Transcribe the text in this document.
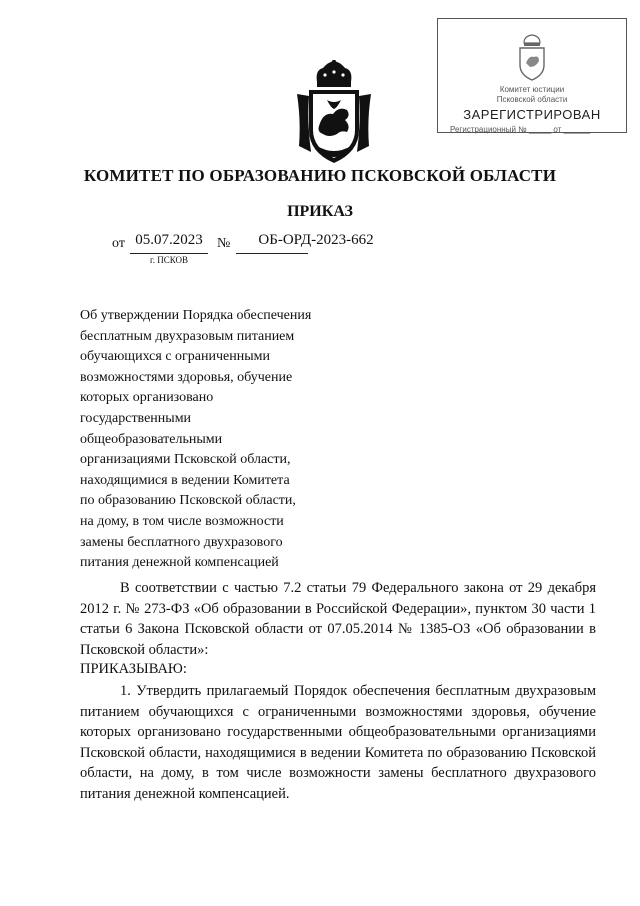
Комитет юстиции
Псковской области
ЗАРЕГИСТРИРОВАН
Регистрационный № _____ от ______
КОМИТЕТ ПО ОБРАЗОВАНИЮ ПСКОВСКОЙ ОБЛАСТИ
ПРИКАЗ
от 05.07.2023	№	ОБ-ОРД-2023-662
г. ПСКОВ
Об утверждении Порядка обеспечения
бесплатным двухразовым питанием
обучающихся с ограниченными
возможностями здоровья, обучение
которых организовано
государственными
общеобразовательными
организациями Псковской области,
находящимися в ведении Комитета
по образованию Псковской области,
на дому, в том числе возможности
замены бесплатного двухразового
питания денежной компенсацией
В соответствии с частью 7.2 статьи 79 Федерального закона от 29 декабря 2012 г. № 273-ФЗ «Об образовании в Российской Федерации», пунктом 30 части 1 статьи 6 Закона Псковской области от 07.05.2014 № 1385-ОЗ «Об образовании в Псковской области»:
ПРИКАЗЫВАЮ:
1. Утвердить прилагаемый Порядок обеспечения бесплатным двухразовым питанием обучающихся с ограниченными возможностями здоровья, обучение которых организовано государственными общеобразовательными организациями Псковской области, находящимися в ведении Комитета по образованию Псковской области, на дому, в том числе возможности замены бесплатного двухразового питания денежной компенсацией.
